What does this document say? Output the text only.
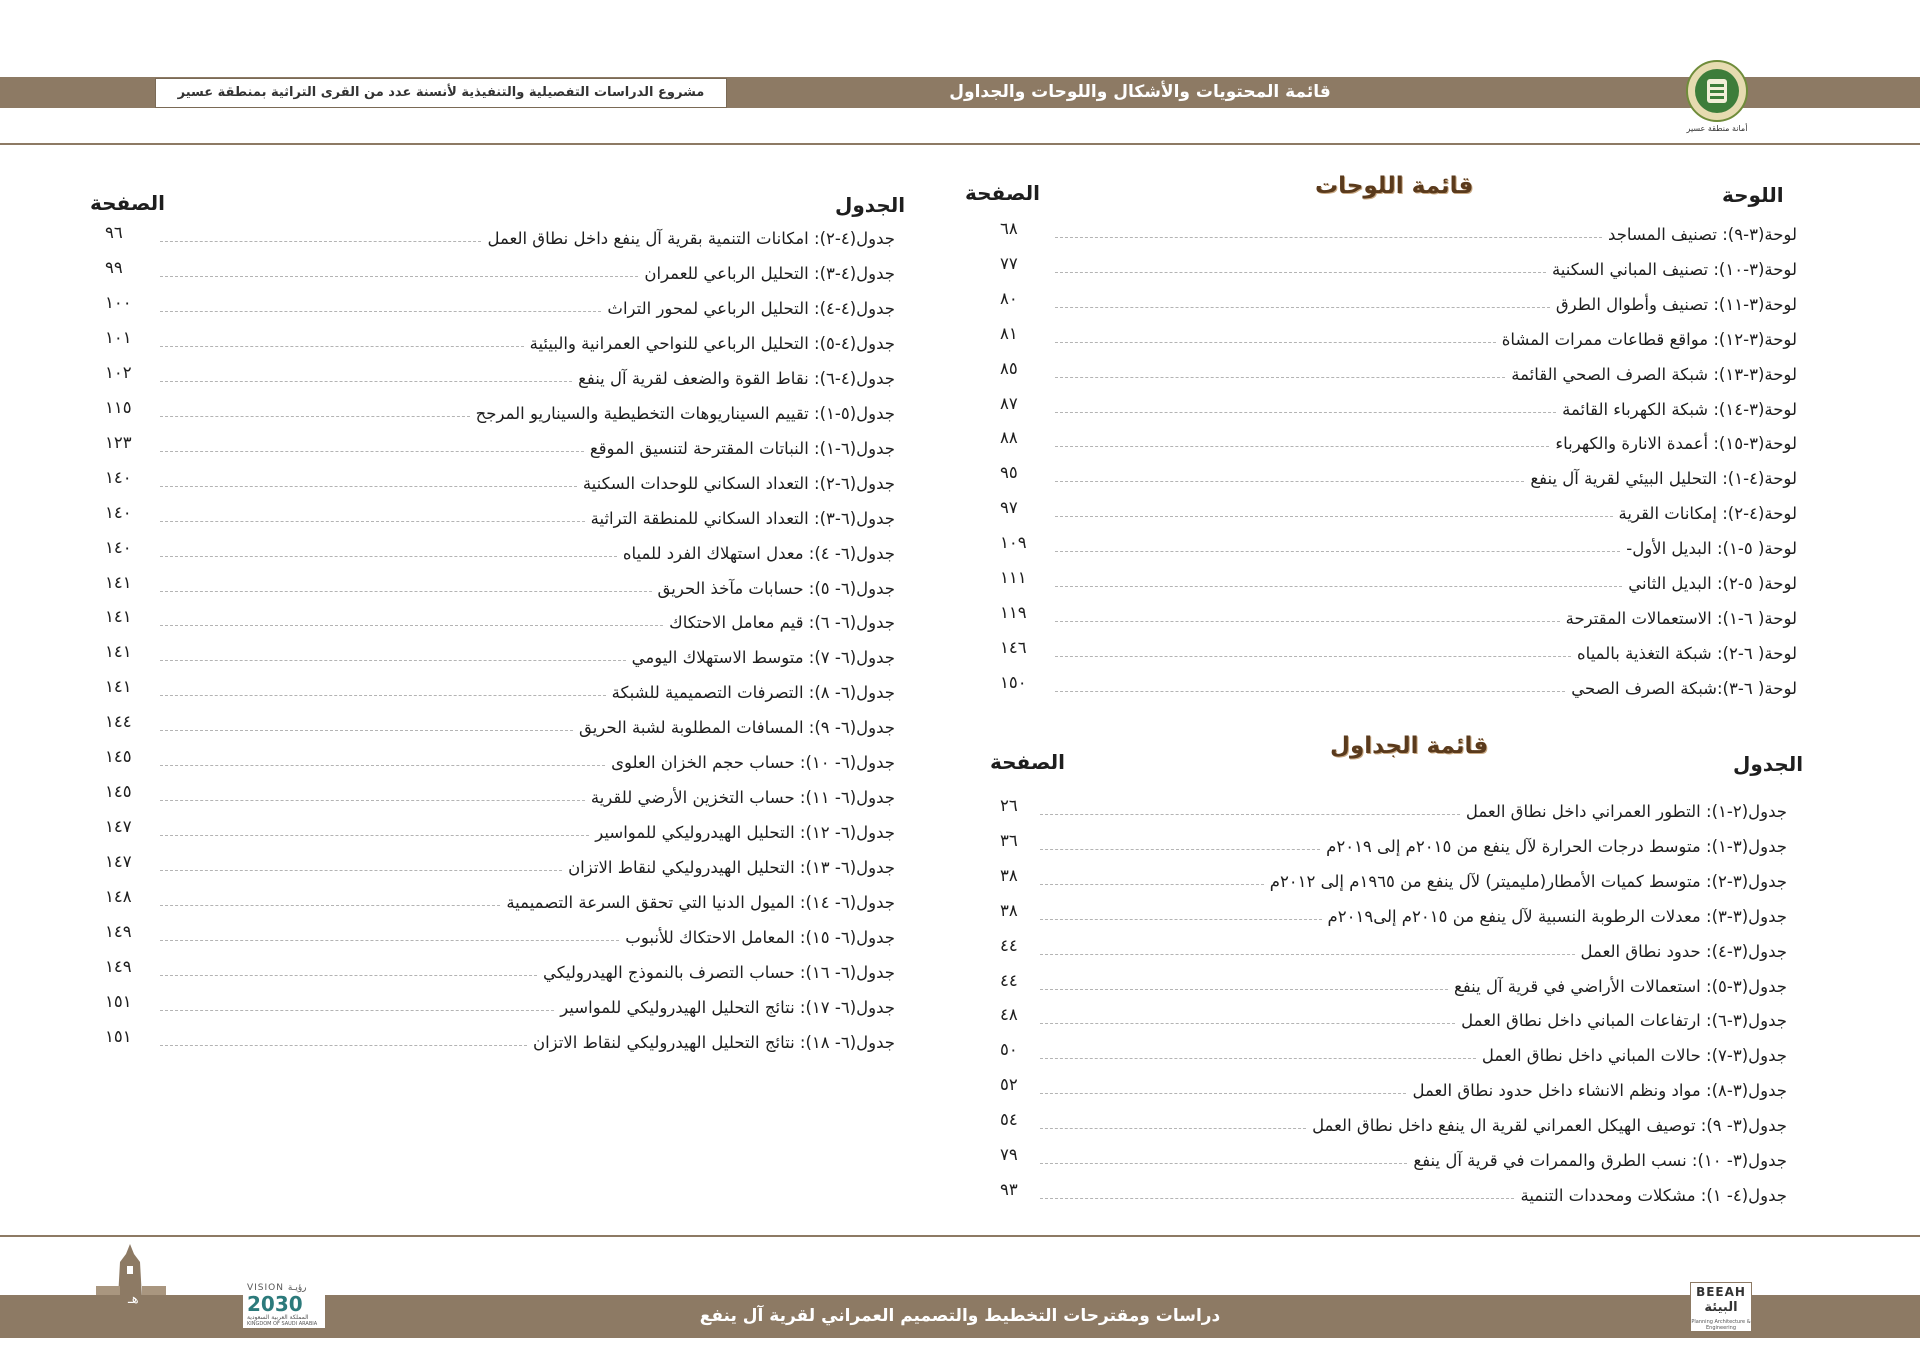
قائمة المحتويات والأشكال واللوحات والجداول
مشروع الدراسات التفصيلية والتنفيذية لأنسنة عدد من القرى التراثية بمنطقة عسير
أمانة منطقة عسير
قائمة اللوحات	اللوحة
الصفحة
لوحة(٣-٩): تصنيف المساجد
٦٨
لوحة(٣-١٠): تصنيف المباني السكنية
٧٧
لوحة(٣-١١): تصنيف وأطوال الطرق
٨٠
لوحة(٣-١٢): مواقع قطاعات ممرات المشاة
٨١
لوحة(٣-١٣): شبكة الصرف الصحي القائمة
٨٥
لوحة(٣-١٤): شبكة الكهرباء القائمة
٨٧
لوحة(٣-١٥): أعمدة الانارة والكهرباء
٨٨
لوحة(٤-١): التحليل البيئي لقرية آل ينفع
٩٥
لوحة(٤-٢): إمكانات القرية
٩٧
لوحة( ٥-١): البديل الأول-
١٠٩
لوحة( ٥-٢): البديل الثاني
١١١
لوحة( ٦-١): الاستعمالات المقترحة
١١٩
لوحة( ٦-٢): شبكة التغذية بالمياه
١٤٦
لوحة( ٦-٣):شبكة الصرف الصحي
١٥٠
قائمة الجداول
الجدول
الصفحة
جدول(٢-١): التطور العمراني داخل نطاق العمل
٢٦
جدول(٣-١): متوسط درجات الحرارة لآل ينفع من ٢٠١٥م إلى ٢٠١٩م
٣٦
جدول(٣-٢): متوسط كميات الأمطار(مليميتر) لآل ينفع من ١٩٦٥م إلى ٢٠١٢م
٣٨
جدول(٣-٣): معدلات الرطوبة النسبية لآل ينفع من ٢٠١٥م إلى٢٠١٩م
٣٨
جدول(٣-٤): حدود نطاق العمل
٤٤
جدول(٣-٥): استعمالات الأراضي في قرية آل ينفع
٤٤
جدول(٣-٦): ارتفاعات المباني داخل نطاق العمل
٤٨
جدول(٣-٧): حالات المباني داخل نطاق العمل
٥٠
جدول(٣-٨): مواد ونظم الانشاء داخل حدود نطاق العمل
٥٢
جدول(٣- ٩): توصيف الهيكل العمراني لقرية ال ينفع داخل نطاق العمل
٥٤
جدول(٣- ١٠): نسب الطرق والممرات في قرية آل ينفع
٧٩
جدول(٤- ١): مشكلات ومحددات التنمية
٩٣
الجدول
الصفحة
جدول(٤-٢): امكانات التنمية بقرية آل ينفع داخل نطاق العمل
٩٦
جدول(٤-٣): التحليل الرباعي للعمران
٩٩
جدول(٤-٤): التحليل الرباعي لمحور التراث
١٠٠
جدول(٤-٥): التحليل الرباعي للنواحي العمرانية والبيئية
١٠١
جدول(٤-٦): نقاط القوة والضعف لقرية آل ينفع
١٠٢
جدول(٥-١): تقييم السيناريوهات التخطيطية والسيناريو المرجح
١١٥
جدول(٦-١): النباتات المقترحة لتنسيق الموقع
١٢٣
جدول(٦-٢): التعداد السكاني للوحدات السكنية
١٤٠
جدول(٦-٣): التعداد السكاني للمنطقة التراثية
١٤٠
جدول(٦- ٤): معدل استهلاك الفرد للمياه
١٤٠
جدول(٦- ٥): حسابات مآخذ الحريق
١٤١
جدول(٦- ٦): قيم معامل الاحتكاك
١٤١
جدول(٦- ٧): متوسط الاستهلاك اليومي
١٤١
جدول(٦- ٨): التصرفات التصميمية للشبكة
١٤١
جدول(٦- ٩): المسافات المطلوبة لشبة الحريق
١٤٤
جدول(٦- ١٠): حساب حجم الخزان العلوى
١٤٥
جدول(٦- ١١): حساب التخزين الأرضي للقرية
١٤٥
جدول(٦- ١٢): التحليل الهيدروليكي للمواسير
١٤٧
جدول(٦- ١٣): التحليل الهيدروليكي لنقاط الاتزان
١٤٧
جدول(٦- ١٤): الميول الدنيا التي تحقق السرعة التصميمية
١٤٨
جدول(٦- ١٥): المعامل الاحتكاك للأنبوب
١٤٩
جدول(٦- ١٦): حساب التصرف بالنموذج الهيدروليكي
١٤٩
جدول(٦- ١٧): نتائج التحليل الهيدروليكي للمواسير
١٥١
جدول(٦- ١٨): نتائج التحليل الهيدروليكي لنقاط الاتزان
١٥١
دراسات ومقترحات التخطيط والتصميم العمراني لقرية آل ينفع
هـ
VISION رؤيـة
2030
المملكة العربية السعودية
KINGDOM OF SAUDI ARABIA
BEEAH
البيئة
Planning Architecture & Engineering
